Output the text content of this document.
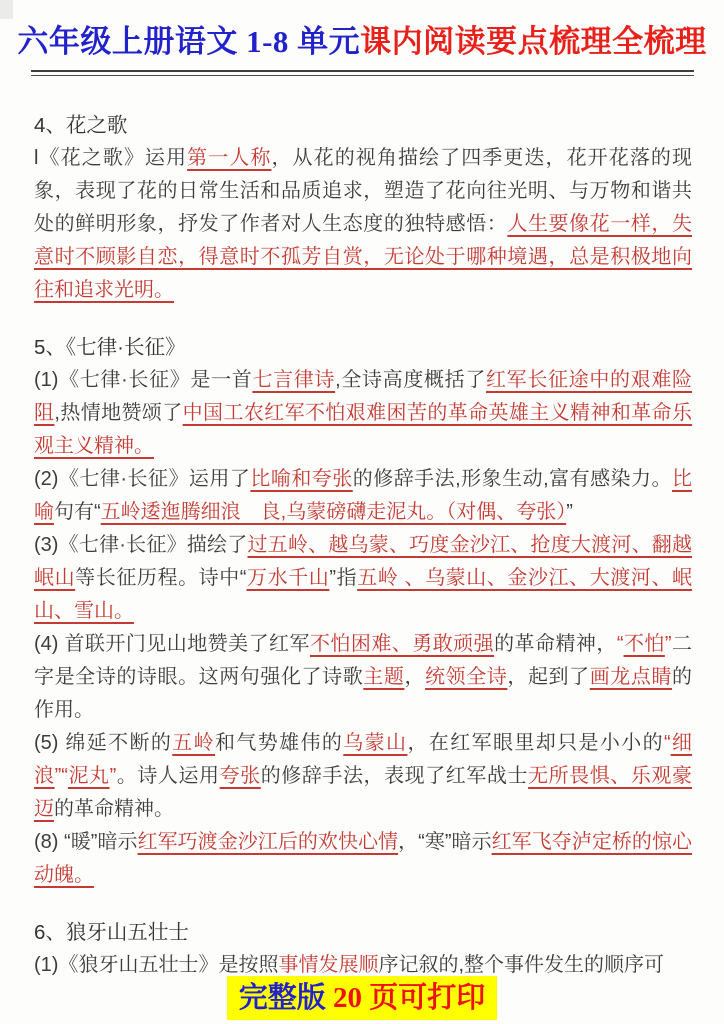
六年级上册语文 1-8 单元课内阅读要点梳理全梳理
4、花之歌
l《花之歌》运用第一人称，从花的视角描绘了四季更迭，花开花落的现象，表现了花的日常生活和品质追求，塑造了花向往光明、与万物和谐共处的鲜明形象，抒发了作者对人生态度的独特感悟：人生要像花一样，失意时不顾影自恋，得意时不孤芳自赏，无论处于哪种境遇，总是积极地向往和追求光明。
5、《七律·长征》
(1)《七律·长征》是一首七言律诗,全诗高度概括了红军长征途中的艰难险阻,热情地赞颂了中国工农红军不怕艰难困苦的革命英雄主义精神和革命乐观主义精神。
(2)《七律·长征》运用了比喻和夸张的修辞手法,形象生动,富有感染力。比喻句有“五岭逶迤腾细浪　良,乌蒙磅礴走泥丸。（对偶、夸张）”
(3)《七律·长征》描绘了过五岭、越乌蒙、巧度金沙江、抢度大渡河、翻越岷山等长征历程。诗中“万水千山”指五岭 、乌蒙山、金沙江、大渡河、岷山、雪山。
(4) 首联开门见山地赞美了红军不怕困难、勇敢顽强的革命精神，“不怕”二字是全诗的诗眼。这两句强化了诗歌主题，统领全诗，起到了画龙点睛的作用。
(5) 绵延不断的五岭和气势雄伟的乌蒙山，在红军眼里却只是小小的“细浪”“泥丸”。诗人运用夸张的修辞手法，表现了红军战士无所畏惧、乐观豪迈的革命精神。
(8) “暖”暗示红军巧渡金沙江后的欢快心情，“寒”暗示红军飞夺泸定桥的惊心动魄。
6、狼牙山五壮士
(1)《狼牙山五壮士》是按照事情发展顺序记叙的,整个事件发生的顺序可
完整版 20 页可打印
